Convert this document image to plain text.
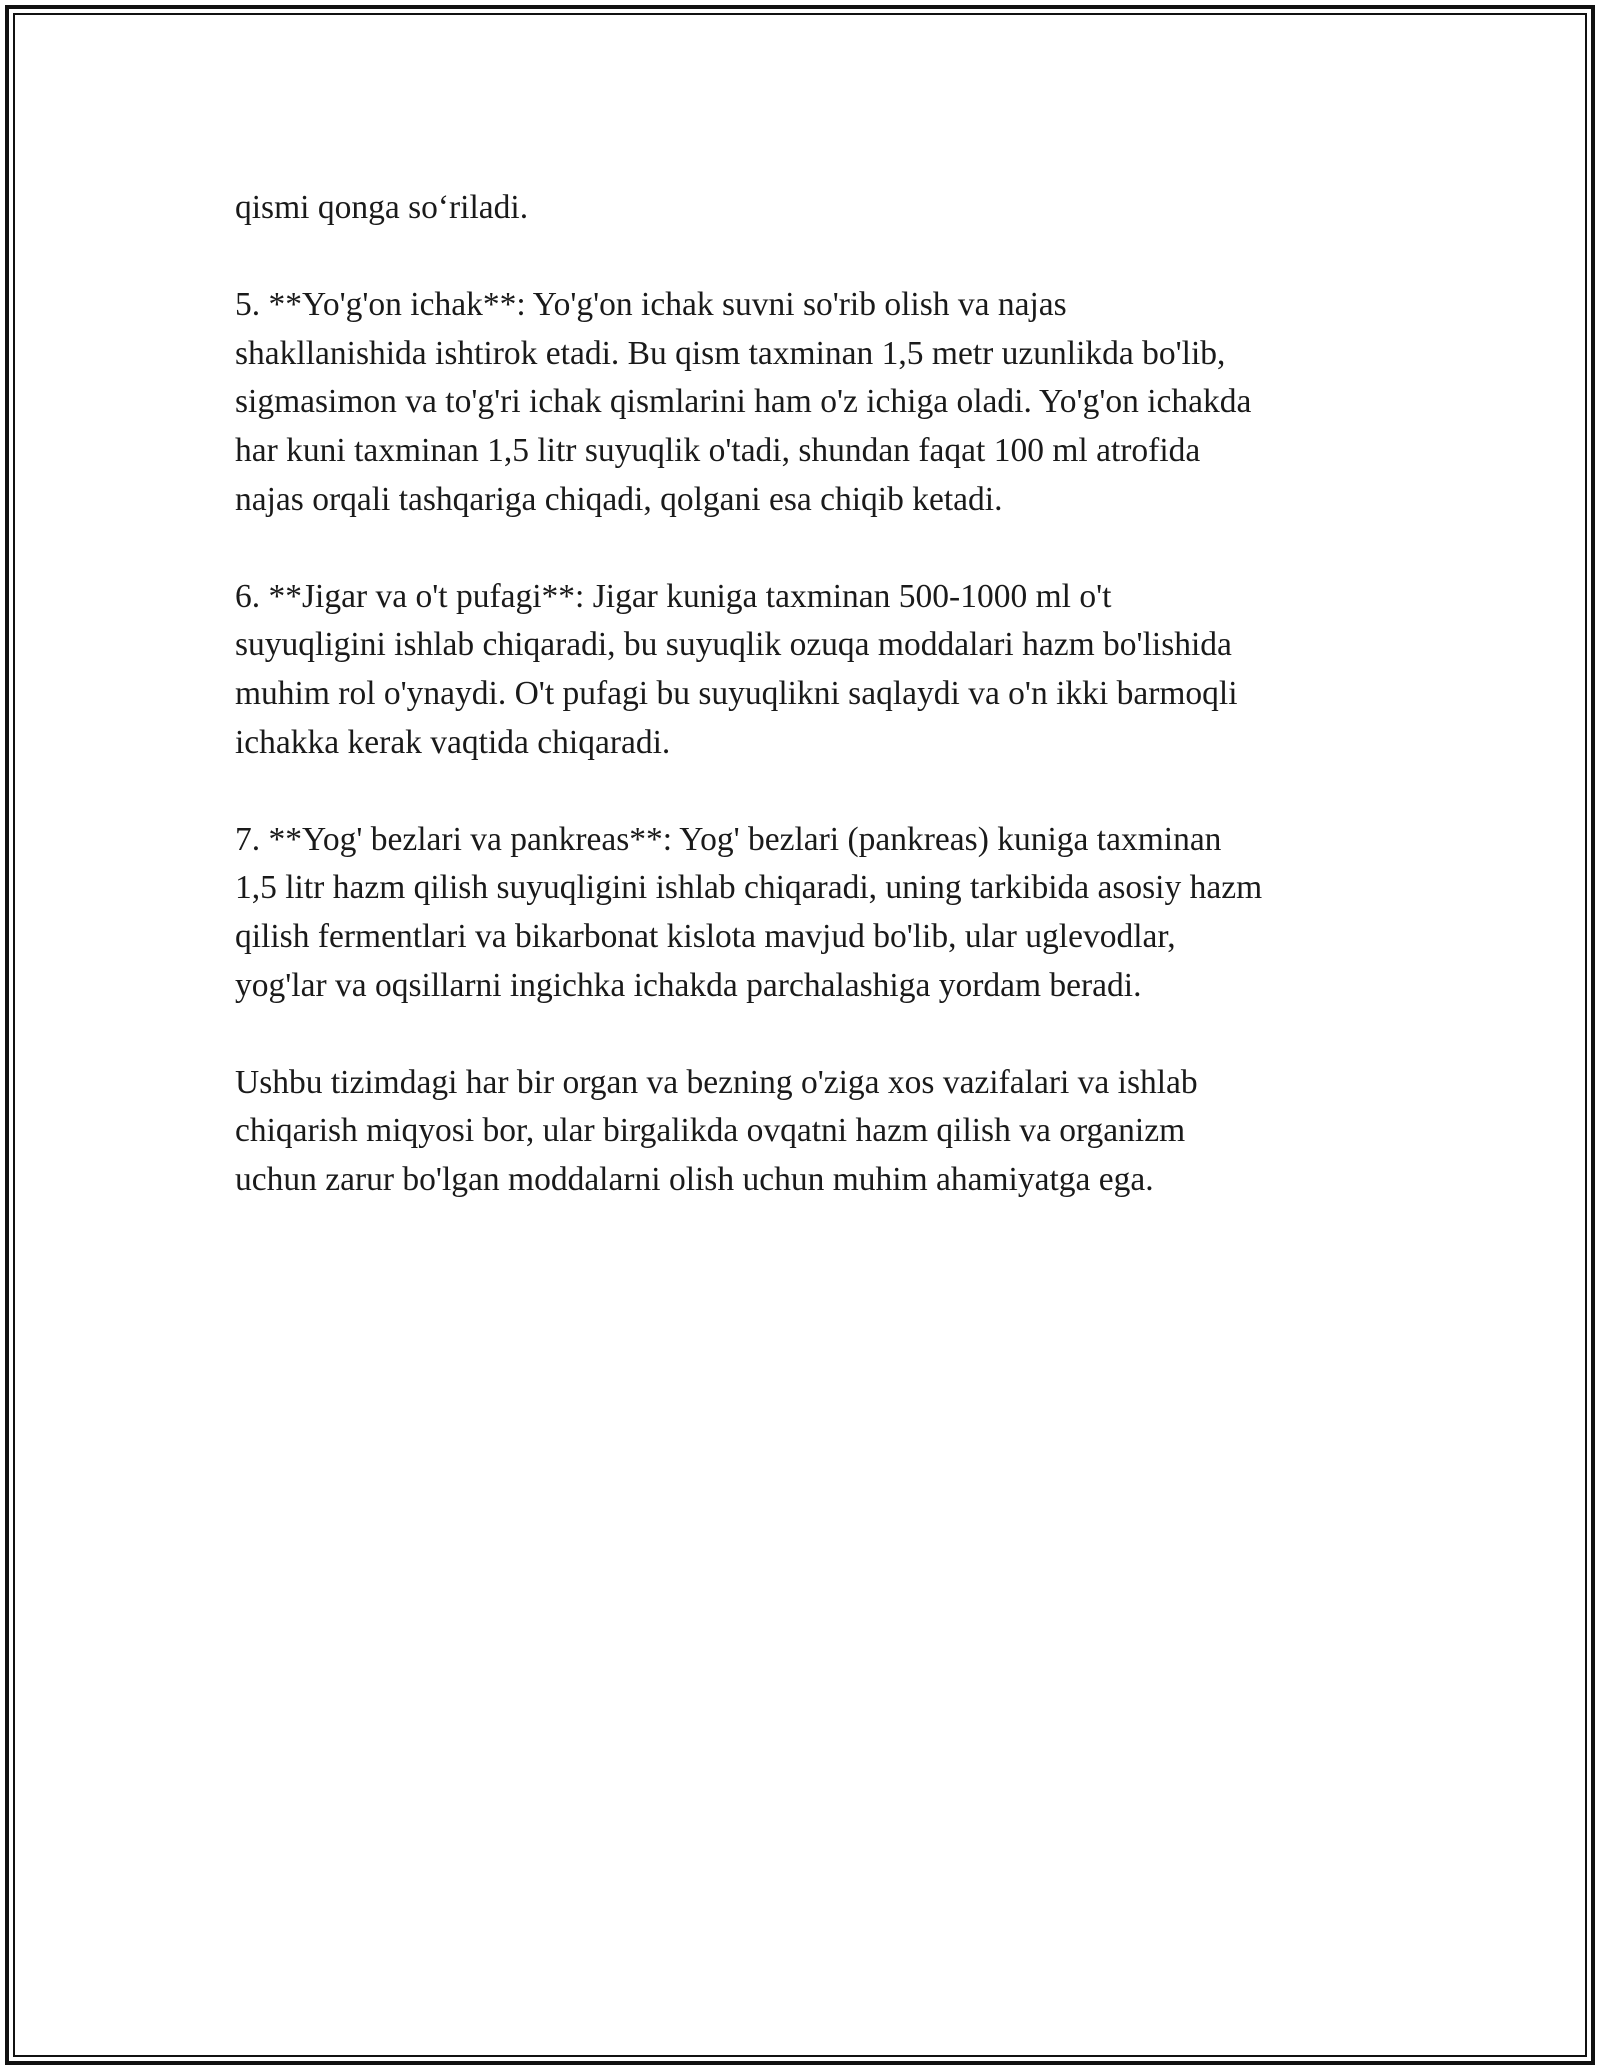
qismi qonga so‘riladi.

5. **Yo'g'on ichak**: Yo'g'on ichak suvni so'rib olish va najas
shakllanishida ishtirok etadi. Bu qism taxminan 1,5 metr uzunlikda bo'lib,
sigmasimon va to'g'ri ichak qismlarini ham o'z ichiga oladi. Yo'g'on ichakda
har kuni taxminan 1,5 litr suyuqlik o'tadi, shundan faqat 100 ml atrofida
najas orqali tashqariga chiqadi, qolgani esa chiqib ketadi.

6. **Jigar va o't pufagi**: Jigar kuniga taxminan 500-1000 ml o't
suyuqligini ishlab chiqaradi, bu suyuqlik ozuqa moddalari hazm bo'lishida
muhim rol o'ynaydi. O't pufagi bu suyuqlikni saqlaydi va o'n ikki barmoqli
ichakka kerak vaqtida chiqaradi.

7. **Yog' bezlari va pankreas**: Yog' bezlari (pankreas) kuniga taxminan
1,5 litr hazm qilish suyuqligini ishlab chiqaradi, uning tarkibida asosiy hazm
qilish fermentlari va bikarbonat kislota mavjud bo'lib, ular uglevodlar,
yog'lar va oqsillarni ingichka ichakda parchalashiga yordam beradi.

Ushbu tizimdagi har bir organ va bezning o'ziga xos vazifalari va ishlab
chiqarish miqyosi bor, ular birgalikda ovqatni hazm qilish va organizm
uchun zarur bo'lgan moddalarni olish uchun muhim ahamiyatga ega.
